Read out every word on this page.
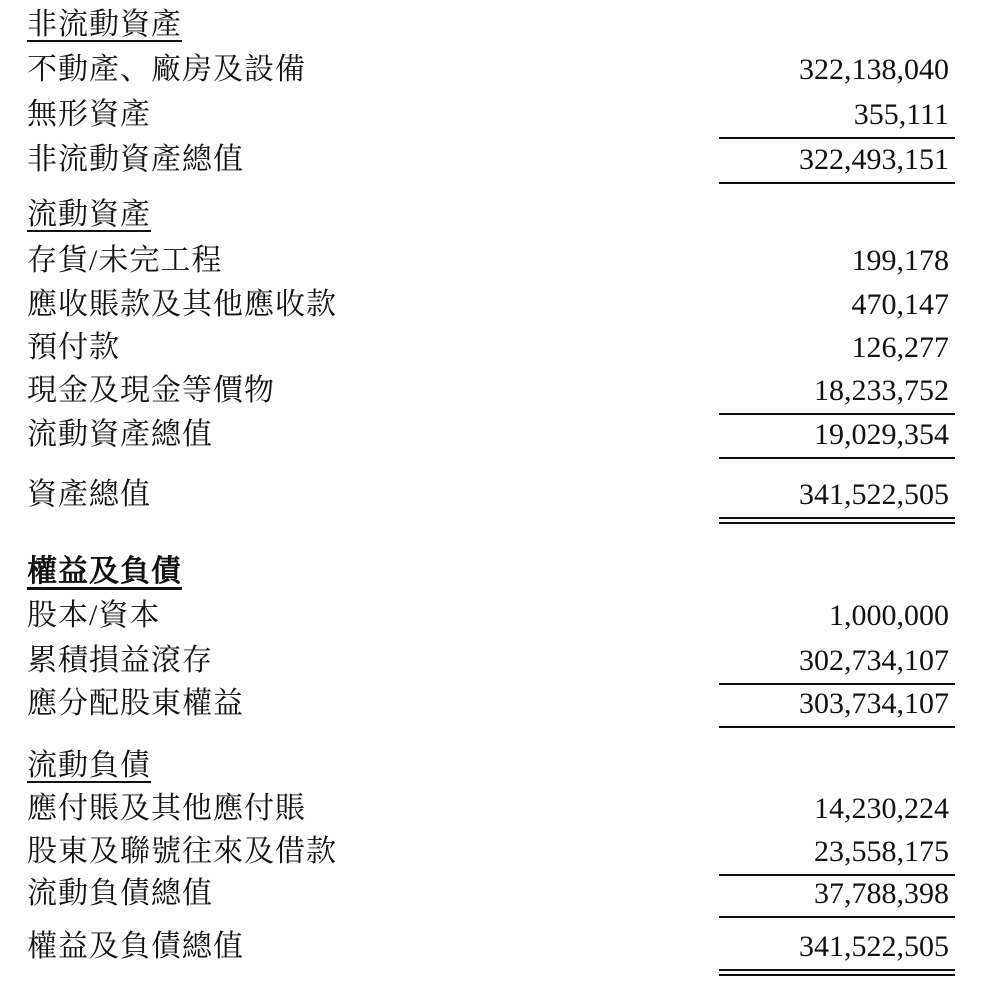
非流動資產
不動產、廠房及設備	322,138,040
無形資產	355,111
非流動資產總值	322,493,151
流動資產
存貨/未完工程	199,178
應收賬款及其他應收款	470,147
預付款	126,277
現金及現金等價物	18,233,752
流動資產總值	19,029,354
資產總值	341,522,505
權益及負債
股本/資本	1,000,000
累積損益滾存	302,734,107
應分配股東權益	303,734,107
流動負債
應付賬及其他應付賬	14,230,224
股東及聯號往來及借款	23,558,175
流動負債總值	37,788,398
權益及負債總值	341,522,505
